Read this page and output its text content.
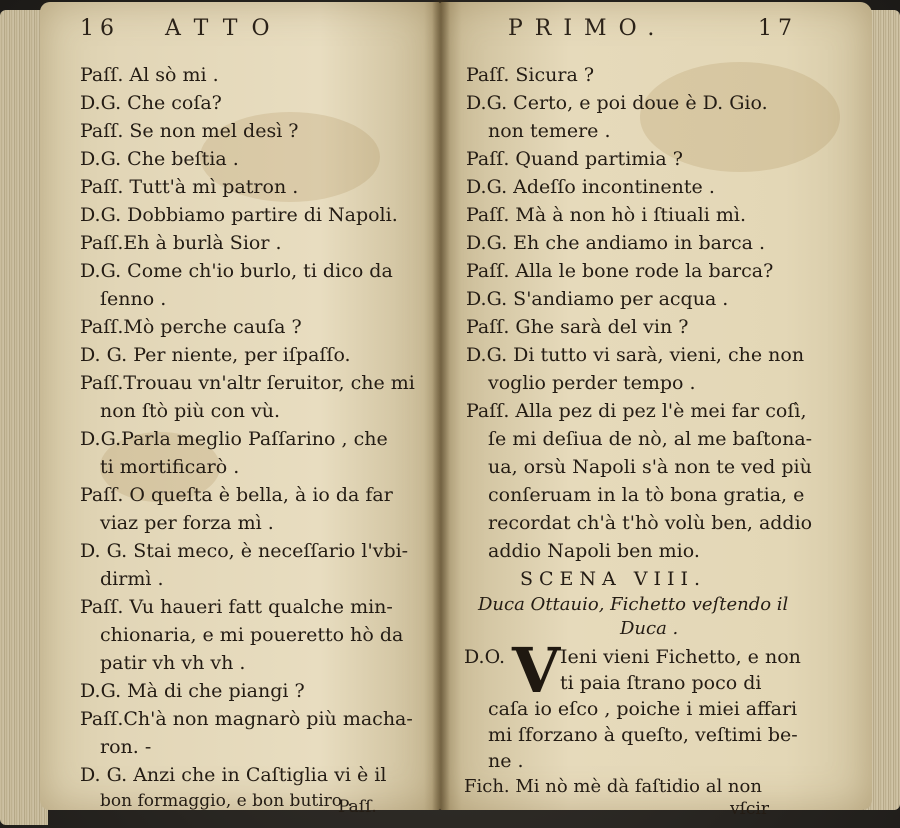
16 ATTO	PRIMO.	17
Paſſ. Al sò mi .
D.G. Che coſa?
Paſſ. Se non mel desì ?
D.G. Che beſtia .
Paſſ. Tutt'à mì patron .
D.G. Dobbiamo partire di Napoli.
Paſſ.Eh à burlà Sior .
D.G. Come ch'io burlo, ti dico da
ſenno .
Paſſ.Mò perche cauſa ?
D. G. Per niente, per iſpaſſo.
Paſſ.Trouau vn'altr ſeruitor, che mi
non ſtò più con vù.
D.G.Parla meglio Paſſarino , che
ti mortificarò .
Paſſ. O queſta è bella, à io da far
viaz per forza mì .
D. G. Stai meco, è neceſſario l'vbi-
dirmì .
Paſſ. Vu haueri fatt qualche min-
chionaria, e mi poueretto hò da
patir vh vh vh .
D.G. Mà di che piangi ?
Paſſ.Ch'à non magnarò più macha-
ron. -
D. G. Anzi che in Caſtiglia vi è il
bon formaggio, e bon butiro .
Paſſ. Sicura ?
D.G. Certo, e poi doue è D. Gio.
non temere .
Paſſ. Quand partimia ?
D.G. Adeſſo incontinente .
Paſſ. Mà à non hò i ſtiuali mì.
D.G. Eh che andiamo in barca .
Paſſ. Alla le bone rode la barca?
D.G. S'andiamo per acqua .
Paſſ. Ghe sarà del vin ?
D.G. Di tutto vi sarà, vieni, che non
voglio perder tempo .
Paſſ. Alla pez di pez l'è mei far coſì,
ſe mi deſiua de nò, al me baſtona-
ua, orsù Napoli s'à non te ved più
conſeruam in la tò bona gratia, e
recordat ch'à t'hò volù ben, addio
addio Napoli ben mio.
SCENA VIII.
Duca Ottauio, Fichetto veſtendo il
Duca .
D.O. V Ieni vieni Fichetto, e non
ti paia ſtrano poco di
caſa io eſco , poiche i miei affari
mi ſforzano à queſto, veſtimi be-
ne .
Fich. Mi nò mè dà faſtidio al non
vſcir
Paſſ.
